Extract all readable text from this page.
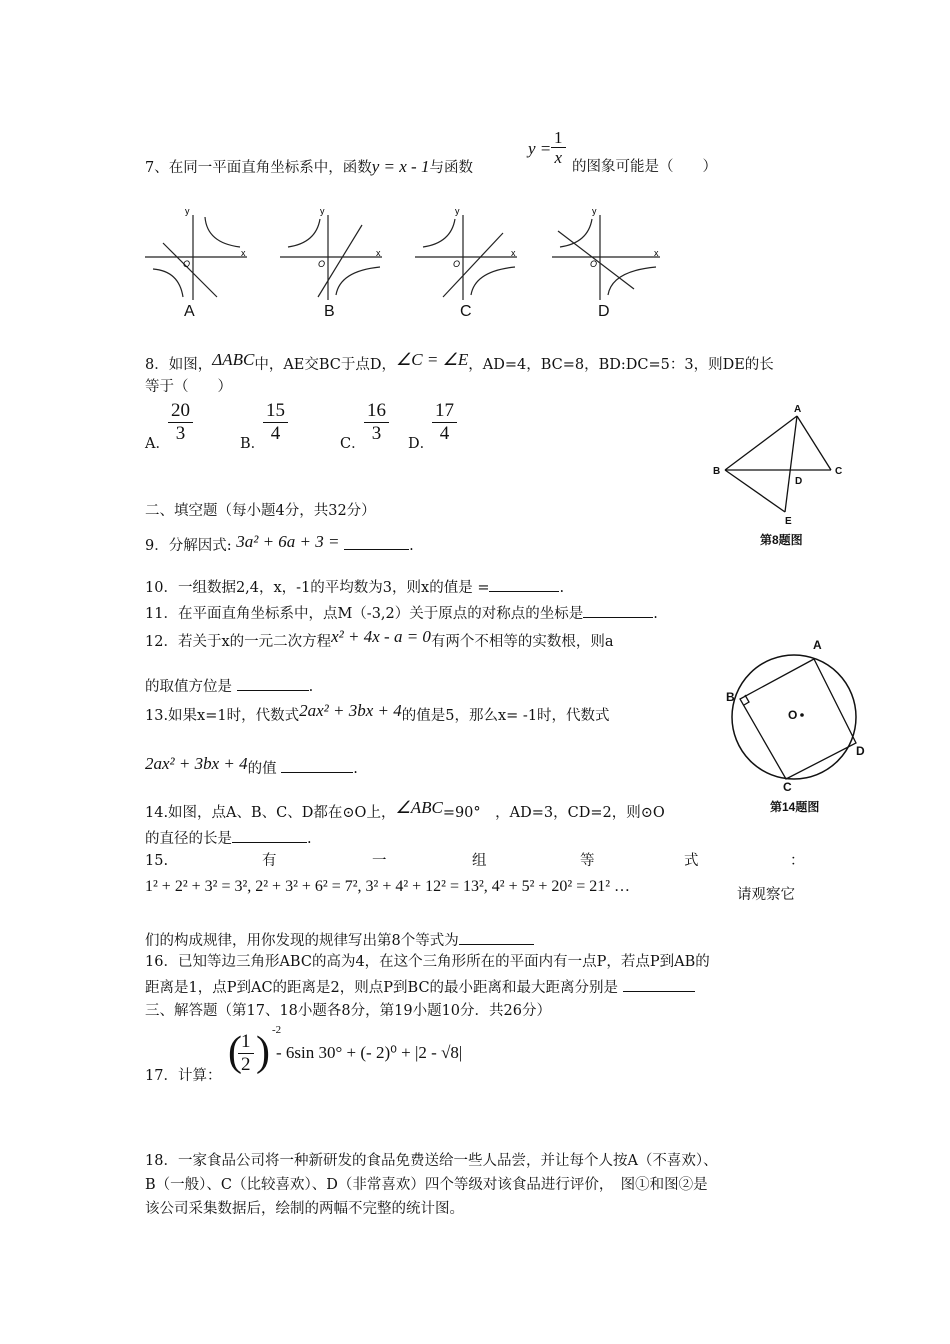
7、在同一平面直角坐标系中，函数y = x - 1与函数
$y = \frac{1}{x}$ 的图象可能是（　　）
y
x
O
y
x
O
y
x
O
y
x
O
A	B	C	D
8．如图，ΔABC中，AE交BC于点D，∠C = ∠E，AD=4，BC=8，BD:DC=5：3，则DE的长
等于（　　）
A．
$\frac{20}{3}$	B．
$\frac{15}{4}$	C．
$\frac{16}{3}$ D．
$\frac{17}{4}$	A
B	C
D
E
第8题图
二、填空题（每小题4分，共32分）
9．分解因式: 3a² + 6a + 3 =	.
10．一组数据2,4，x，-1的平均数为3，则x的值是 =	.
11．在平面直角坐标系中，点M（-3,2）关于原点的对称点的坐标是	.
12．若关于x的一元二次方程x² + 4x - a = 0有两个不相等的实数根，则a
的取值方位是	.
13.如果x=1时，代数式2ax² + 3bx + 4的值是5，那么x= -1时，代数式
2ax² + 3bx + 4的值	.
A
B
C
D
O
第14题图
14.如图，点A、B、C、D都在⊙O上，∠ABC=90°　，AD=3，CD=2，则⊙O
的直径的长是	.
15.	有	一	组	等	式	：
1² + 2² + 3² = 3², 2² + 3² + 6² = 7², 3² + 4² + 12² = 13², 4² + 5² + 20² = 21² …	请观察它
们的构成规律，用你发现的规律写出第8个等式为
16．已知等边三角形ABC的高为4，在这个三角形所在的平面内有一点P，若点P到AB的
距离是1，点P到AC的距离是2，则点P到BC的最小距离和最大距离分别是
三、解答题（第17、18小题各8分，第19小题10分．共26分）
17．计算：
(
$\frac{1}{2}$ ) -2
- 6sin 30° + (- 2)⁰ + |2 - √8|
18．一家食品公司将一种新研发的食品免费送给一些人品尝，并让每个人按A（不喜欢）、
B（一般）、C（比较喜欢）、D（非常喜欢）四个等级对该食品进行评价，　图①和图②是
该公司采集数据后，绘制的两幅不完整的统计图。
